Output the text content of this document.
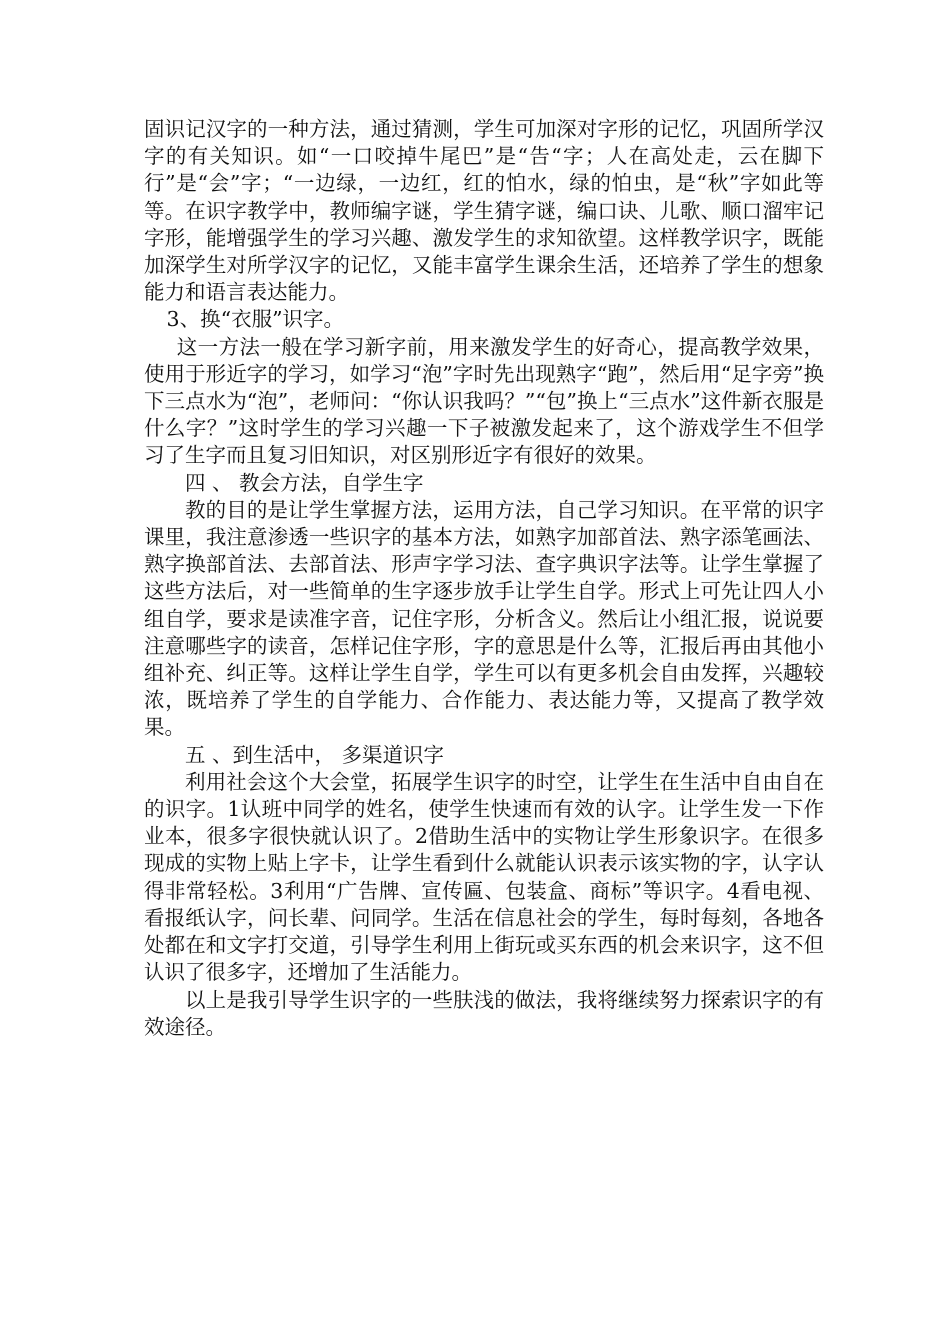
固识记汉字的一种方法，通过猜测，学生可加深对字形的记忆，巩固所学汉字的有关知识。如“一口咬掉牛尾巴”是“告“字；人在高处走，云在脚下行”是“会”字；“一边绿，一边红，红的怕水，绿的怕虫，是“秋”字如此等等。在识字教学中，教师编字谜，学生猜字谜，编口诀、儿歌、顺口溜牢记字形，能增强学生的学习兴趣、激发学生的求知欲望。这样教学识字，既能加深学生对所学汉字的记忆，又能丰富学生课余生活，还培养了学生的想象能力和语言表达能力。

3、换“衣服”识字。

这一方法一般在学习新字前，用来激发学生的好奇心，提高教学效果，使用于形近字的学习，如学习“泡”字时先出现熟字“跑”，然后用“足字旁”换下三点水为“泡”，老师问：“你认识我吗？”“包”换上“三点水”这件新衣服是什么字？”这时学生的学习兴趣一下子被激发起来了，这个游戏学生不但学习了生字而且复习旧知识，对区别形近字有很好的效果。

四 、 教会方法，自学生字

教的目的是让学生掌握方法，运用方法，自己学习知识。在平常的识字课里，我注意渗透一些识字的基本方法，如熟字加部首法、熟字添笔画法、熟字换部首法、去部首法、形声字学习法、查字典识字法等。让学生掌握了这些方法后，对一些简单的生字逐步放手让学生自学。形式上可先让四人小组自学，要求是读准字音，记住字形，分析含义。然后让小组汇报，说说要注意哪些字的读音，怎样记住字形，字的意思是什么等，汇报后再由其他小组补充、纠正等。这样让学生自学，学生可以有更多机会自由发挥，兴趣较浓，既培养了学生的自学能力、合作能力、表达能力等，又提高了教学效果。

五 、到生活中， 多渠道识字

利用社会这个大会堂，拓展学生识字的时空，让学生在生活中自由自在的识字。1认班中同学的姓名，使学生快速而有效的认字。让学生发一下作业本，很多字很快就认识了。2借助生活中的实物让学生形象识字。在很多现成的实物上贴上字卡，让学生看到什么就能认识表示该实物的字，认字认得非常轻松。3利用“广告牌、宣传匾、包装盒、商标”等识字。4看电视、看报纸认字，问长辈、问同学。生活在信息社会的学生，每时每刻，各地各处都在和文字打交道，引导学生利用上街玩或买东西的机会来识字，这不但认识了很多字，还增加了生活能力。

以上是我引导学生识字的一些肤浅的做法，我将继续努力探索识字的有效途径。
